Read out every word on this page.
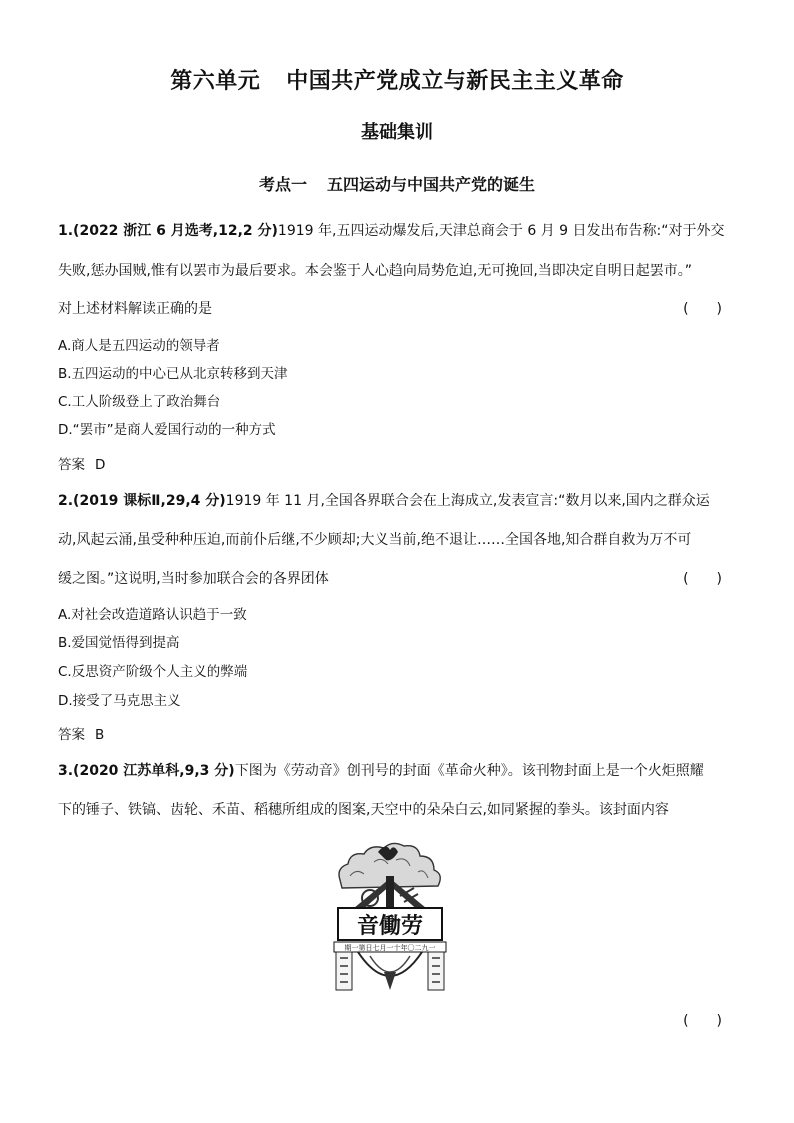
第六单元 中国共产党成立与新民主主义革命
基础集训
考点一 五四运动与中国共产党的诞生
1.(2022 浙江 6 月选考,12,2 分)1919 年,五四运动爆发后,天津总商会于 6 月 9 日发出布告称:“对于外交
失败,惩办国贼,惟有以罢市为最后要求。本会鉴于人心趋向局势危迫,无可挽回,当即决定自明日起罢市。”
对上述材料解读正确的是	(　　)
A.商人是五四运动的领导者
B.五四运动的中心已从北京转移到天津
C.工人阶级登上了政治舞台
D.“罢市”是商人爱国行动的一种方式
答案 D
2.(2019 课标Ⅱ,29,4 分)1919 年 11 月,全国各界联合会在上海成立,发表宣言:“数月以来,国内之群众运
动,风起云涌,虽受种种压迫,而前仆后继,不少顾却;大义当前,绝不退让……全国各地,知合群自救为万不可
缓之图。”这说明,当时参加联合会的各界团体	(　　)
A.对社会改造道路认识趋于一致
B.爱国觉悟得到提高
C.反思资产阶级个人主义的弊端
D.接受了马克思主义
答案 B
3.(2020 江苏单科,9,3 分)下图为《劳动音》创刊号的封面《革命火种》。该刊物封面上是一个火炬照耀
下的锤子、铁镐、齿轮、禾苗、稻穗所组成的图案,天空中的朵朵白云,如同紧握的拳头。该封面内容
音働劳
期一第日七月一十年〇二九一
(　　)
